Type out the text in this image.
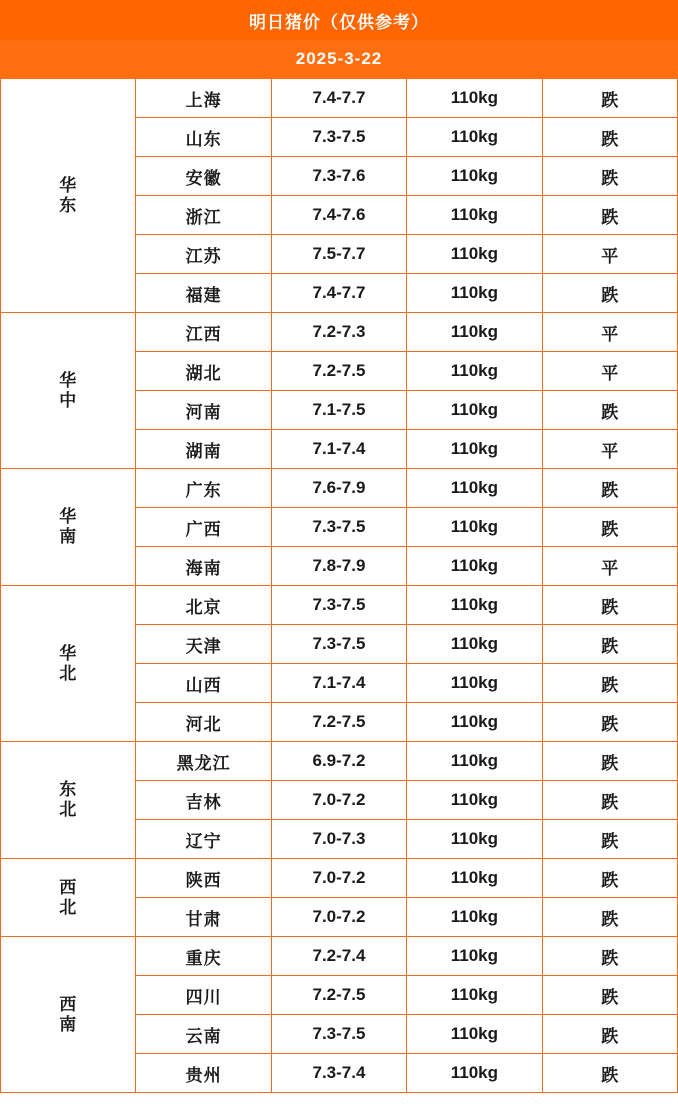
明日猪价（仅供参考）				
2025-3-22				

华
东	上海	7.4-7.7	110kg	跌
	山东	7.3-7.5	110kg	跌
	安徽	7.3-7.6	110kg	跌
	浙江	7.4-7.6	110kg	跌
	江苏	7.5-7.7	110kg	平
	福建	7.4-7.7	110kg	跌

华
中	江西	7.2-7.3	110kg	平
	湖北	7.2-7.5	110kg	平
	河南	7.1-7.5	110kg	跌
	湖南	7.1-7.4	110kg	平

华
南	广东	7.6-7.9	110kg	跌
	广西	7.3-7.5	110kg	跌
	海南	7.8-7.9	110kg	平

华
北	北京	7.3-7.5	110kg	跌
	天津	7.3-7.5	110kg	跌
	山西	7.1-7.4	110kg	跌
	河北	7.2-7.5	110kg	跌

东
北	黑龙江	6.9-7.2	110kg	跌
	吉林	7.0-7.2	110kg	跌
	辽宁	7.0-7.3	110kg	跌

西
北	陕西	7.0-7.2	110kg	跌
	甘肃	7.0-7.2	110kg	跌

西
南	重庆	7.2-7.4	110kg	跌
	四川	7.2-7.5	110kg	跌
	云南	7.3-7.5	110kg	跌
	贵州	7.3-7.4	110kg	跌
